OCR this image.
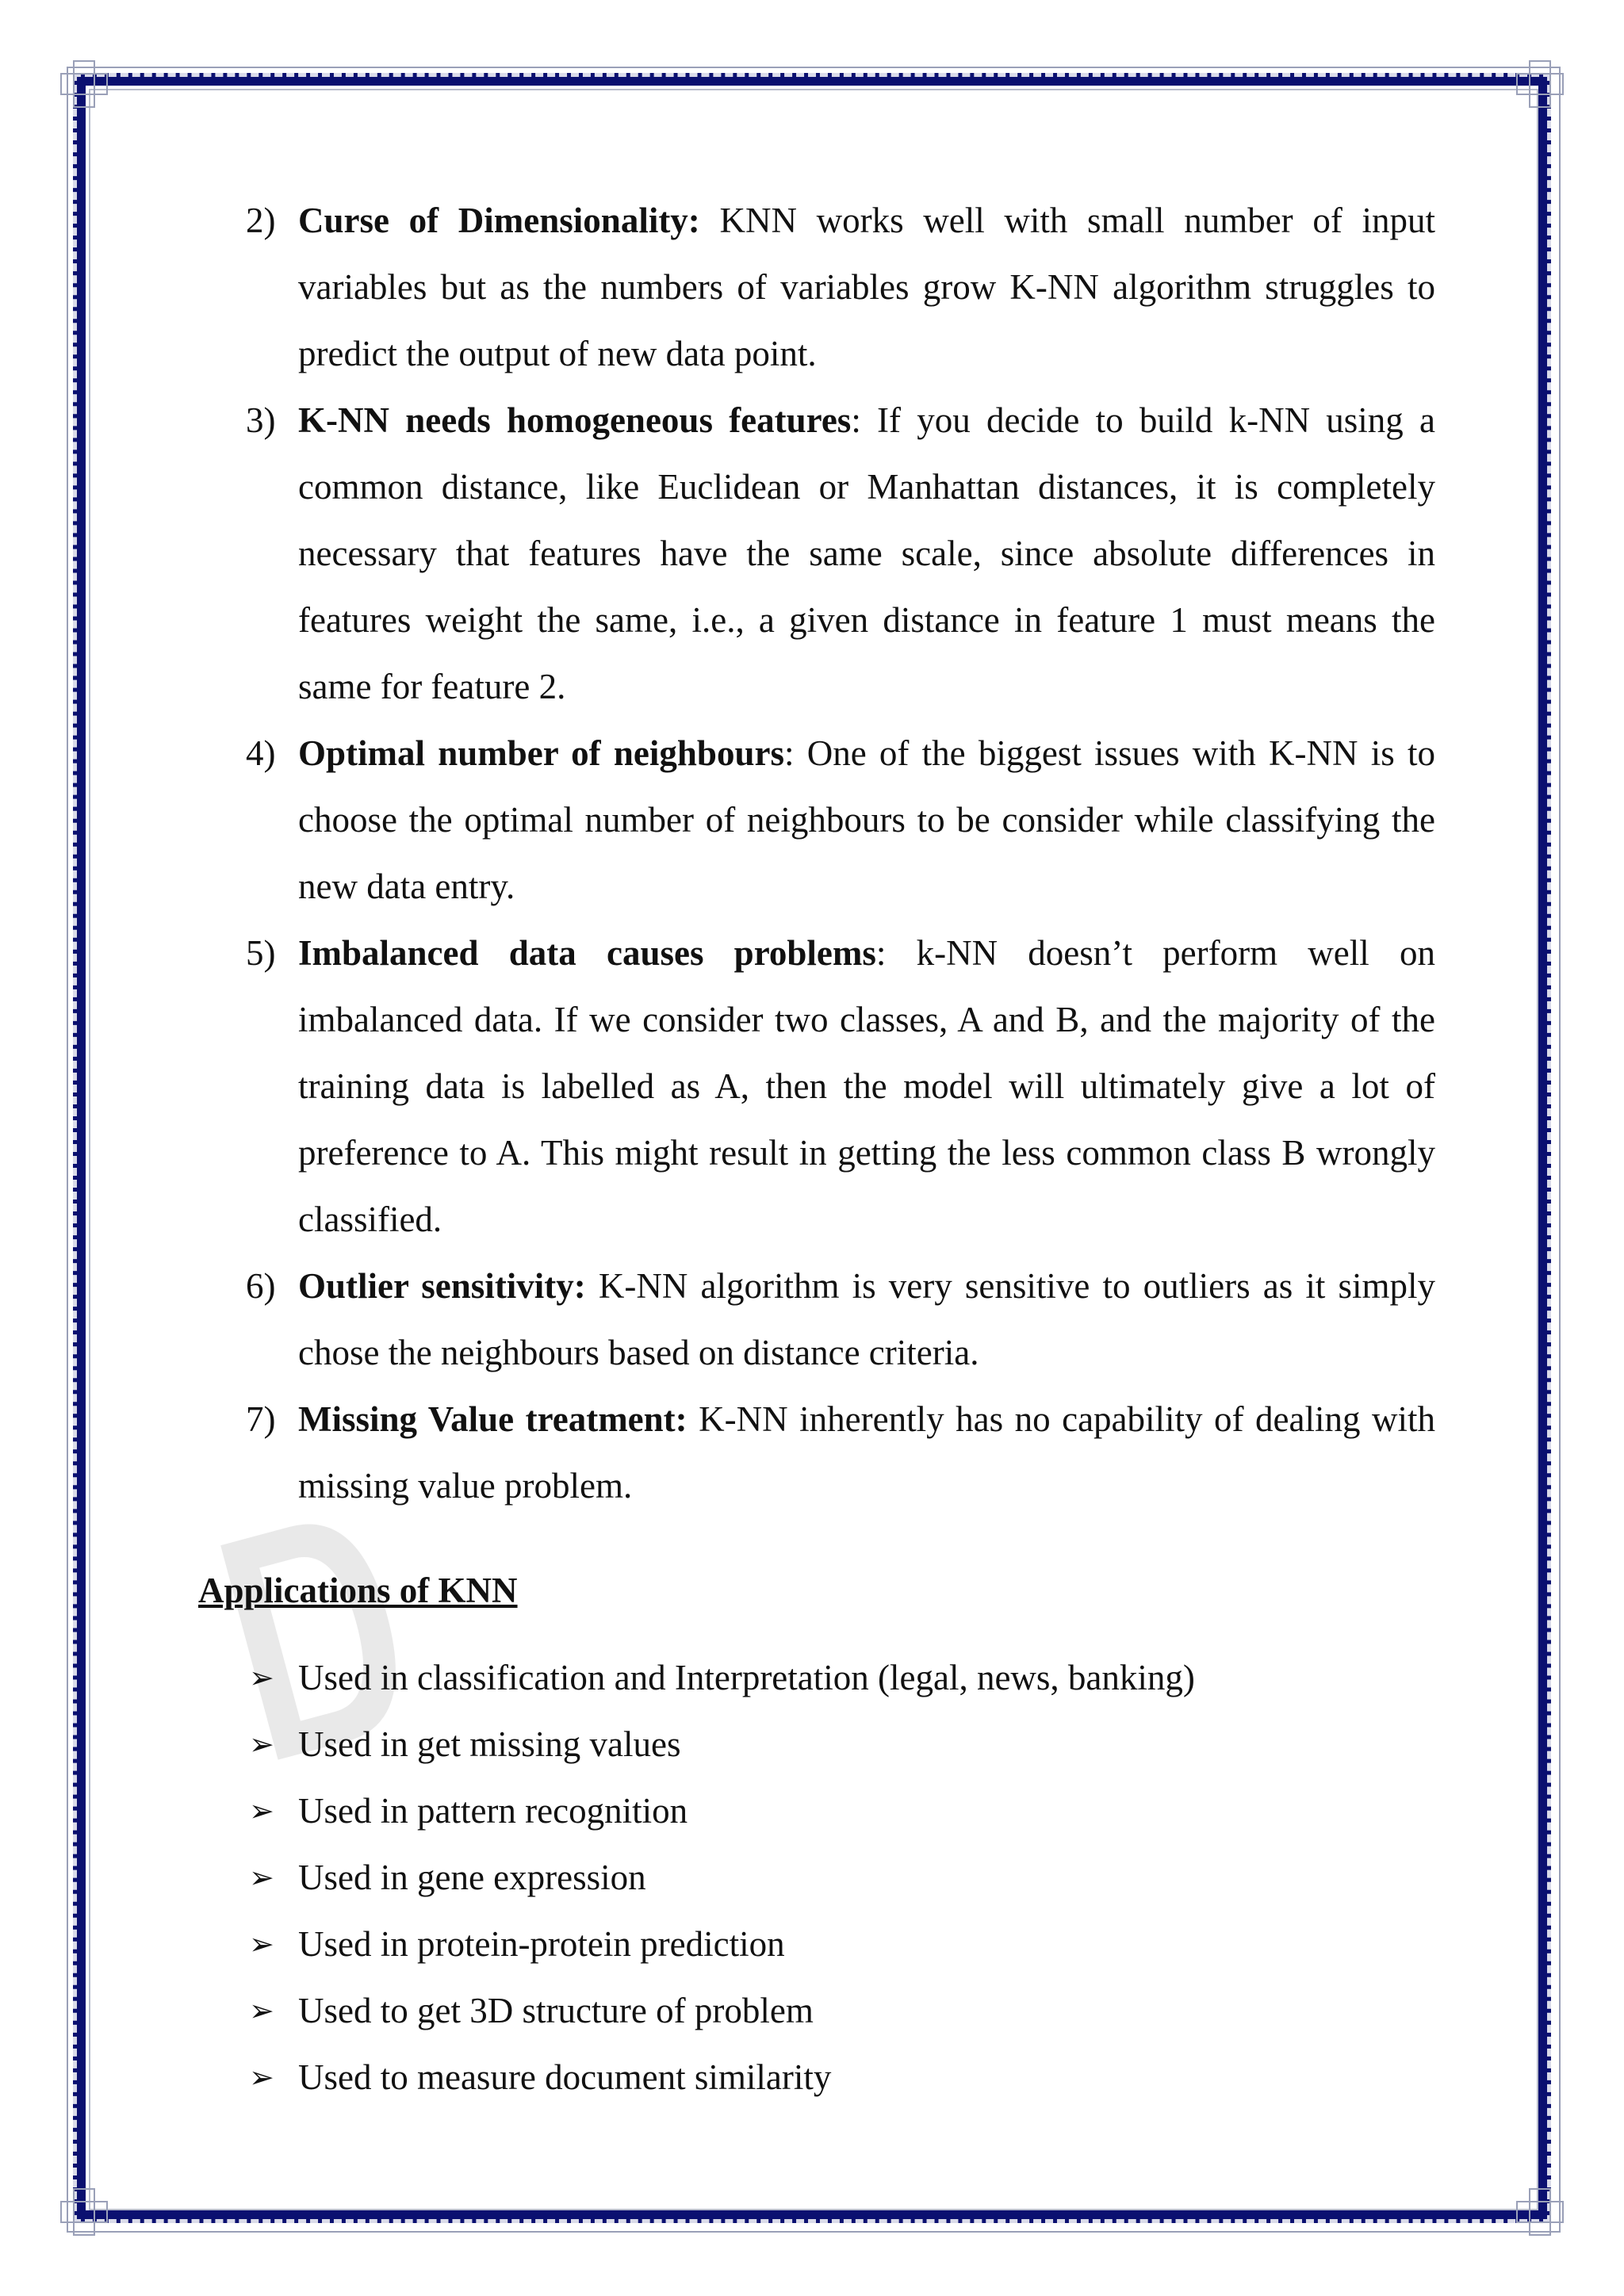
2) Curse of Dimensionality: KNN works well with small number of input variables but as the numbers of variables grow K-NN algorithm struggles to predict the output of new data point.
3) K-NN needs homogeneous features: If you decide to build k-NN using a common distance, like Euclidean or Manhattan distances, it is completely necessary that features have the same scale, since absolute differences in features weight the same, i.e., a given distance in feature 1 must means the same for feature 2.
4) Optimal number of neighbours: One of the biggest issues with K-NN is to choose the optimal number of neighbours to be consider while classifying the new data entry.
5) Imbalanced data causes problems: k-NN doesn’t perform well on imbalanced data. If we consider two classes, A and B, and the majority of the training data is labelled as A, then the model will ultimately give a lot of preference to A. This might result in getting the less common class B wrongly classified.
6) Outlier sensitivity: K-NN algorithm is very sensitive to outliers as it simply chose the neighbours based on distance criteria.
7) Missing Value treatment: K-NN inherently has no capability of dealing with missing value problem.
Applications of KNN
➢ Used in classification and Interpretation (legal, news, banking)
➢ Used in get missing values
➢ Used in pattern recognition
➢ Used in gene expression
➢ Used in protein-protein prediction
➢ Used to get 3D structure of problem
➢ Used to measure document similarity
